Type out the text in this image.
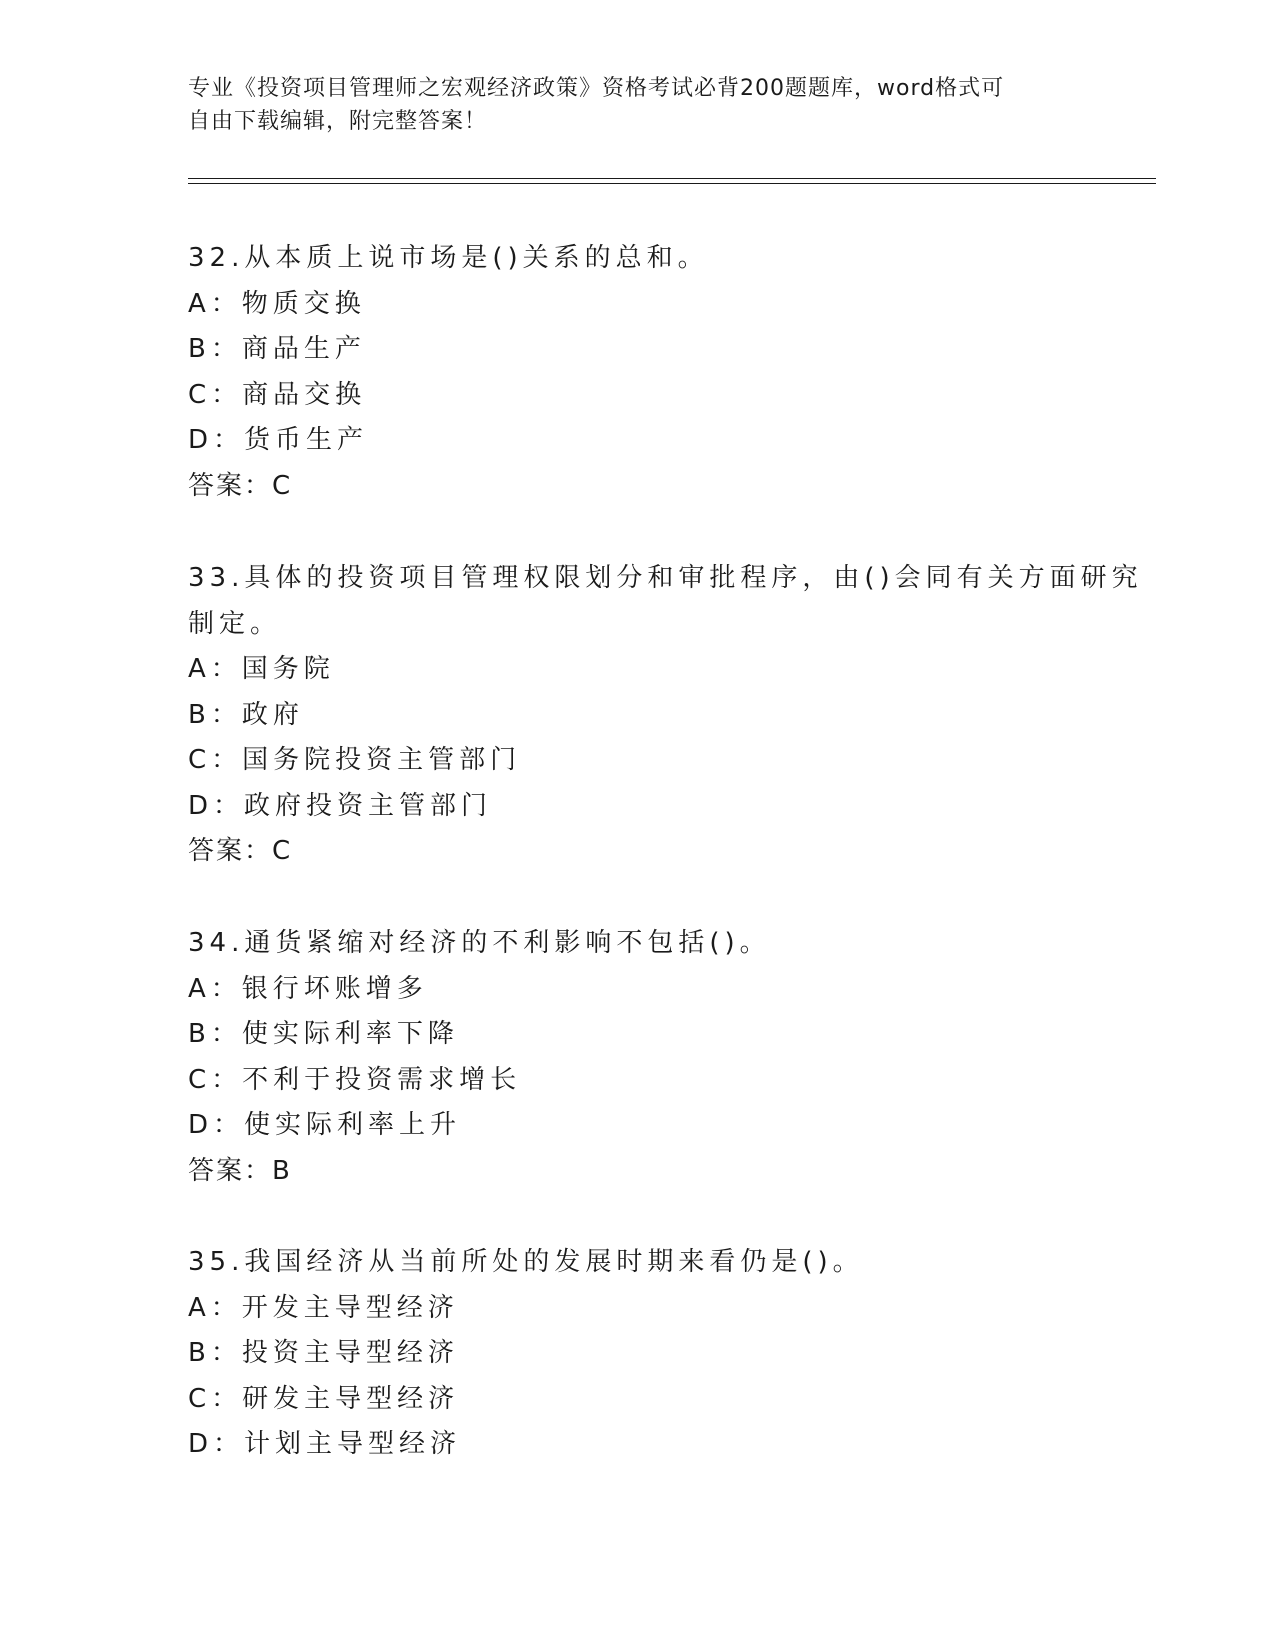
专业《投资项目管理师之宏观经济政策》资格考试必背200题题库，word格式可

自由下载编辑，附完整答案！

32.从本质上说市场是()关系的总和。

A：物质交换

B：商品生产

C：商品交换

D：货币生产

答案：C

33.具体的投资项目管理权限划分和审批程序，由()会同有关方面研究

制定。

A：国务院

B：政府

C：国务院投资主管部门

D：政府投资主管部门

答案：C

34.通货紧缩对经济的不利影响不包括()。

A：银行坏账增多

B：使实际利率下降

C：不利于投资需求增长

D：使实际利率上升

答案：B

35.我国经济从当前所处的发展时期来看仍是()。

A：开发主导型经济

B：投资主导型经济

C：研发主导型经济

D：计划主导型经济
